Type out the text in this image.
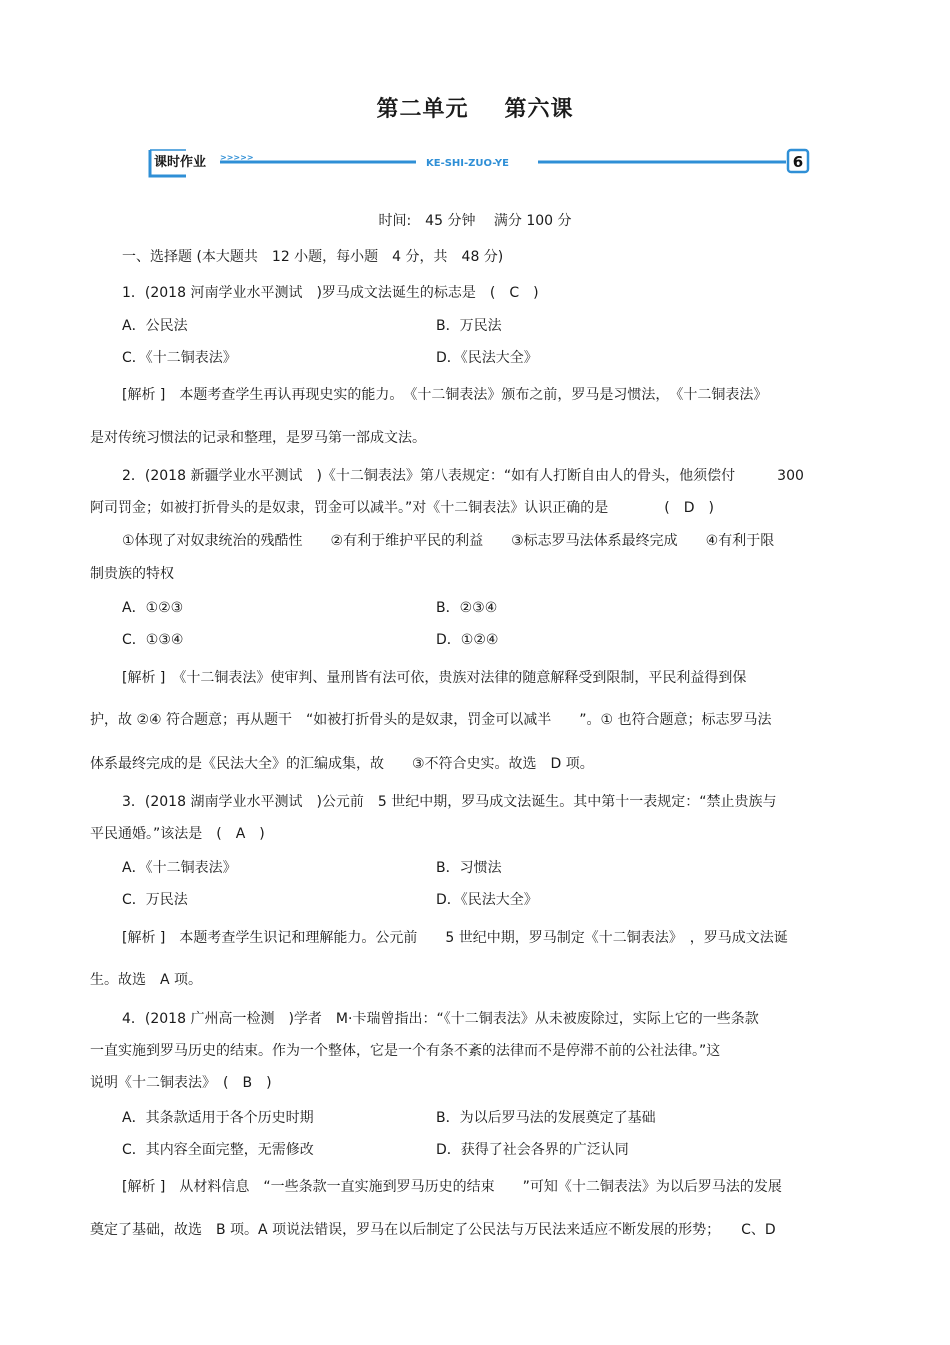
第二单元 第六课
课时作业 >>>>>
KE-SHI-ZUO-YE	6
时间:　45 分钟　 满分 100 分
一、选择题 (本大题共　12 小题，每小题　4 分，共　48 分)
1．(2018 河南学业水平测试　)罗马成文法诞生的标志是　(　C　)
A．公民法	B．万民法
C．《十二铜表法》	D．《民法大全》
[解析 ]　本题考查学生再认再现史实的能力。　《十二铜表法》颁布之前，罗马是习惯法，　《十二铜表法》
是对传统习惯法的记录和整理，是罗马第一部成文法。
2．(2018 新疆学业水平测试　)《十二铜表法》第八表规定：“如有人打断自由人的骨头，他须偿付　　　300
阿司罚金；如被打折骨头的是奴隶，罚金可以减半。”对《十二铜表法》认识正确的是　　　　(　D　)
①体现了对奴隶统治的残酷性　　②有利于维护平民的利益　　③标志罗马法体系最终完成　　④有利于限
制贵族的特权
A．①②③	B．②③④
C．①③④	D．①②④
[解析 ]　《十二铜表法》使审判、量刑皆有法可依，贵族对法律的随意解释受到限制，平民利益得到保
护，故 ②④ 符合题意；再从题干　“如被打折骨头的是奴隶，罚金可以减半　　”。① 也符合题意；标志罗马法
体系最终完成的是《民法大全》的汇编成集，故　　③不符合史实。故选　D 项。
3．(2018 湖南学业水平测试　)公元前　5 世纪中期，罗马成文法诞生。其中第十一表规定：“禁止贵族与
平民通婚。”该法是　(　A　)
A．《十二铜表法》	B．习惯法
C．万民法	D．《民法大全》
[解析 ]　本题考查学生识记和理解能力。公元前　　5 世纪中期，罗马制定《十二铜表法》　，罗马成文法诞
生。故选　A 项。
4．(2018 广州高一检测　)学者　M·卡瑞曾指出：“《十二铜表法》从未被废除过，实际上它的一些条款
一直实施到罗马历史的结束。作为一个整体，它是一个有条不紊的法律而不是停滞不前的公社法律。”这
说明《十二铜表法》　(　B　)
A．其条款适用于各个历史时期	B．为以后罗马法的发展奠定了基础
C．其内容全面完整，无需修改	D．获得了社会各界的广泛认同
[解析 ]　从材料信息　“一些条款一直实施到罗马历史的结束　　”可知《十二铜表法》为以后罗马法的发展
奠定了基础，故选　B 项。A 项说法错误，罗马在以后制定了公民法与万民法来适应不断发展的形势；　　C、D
